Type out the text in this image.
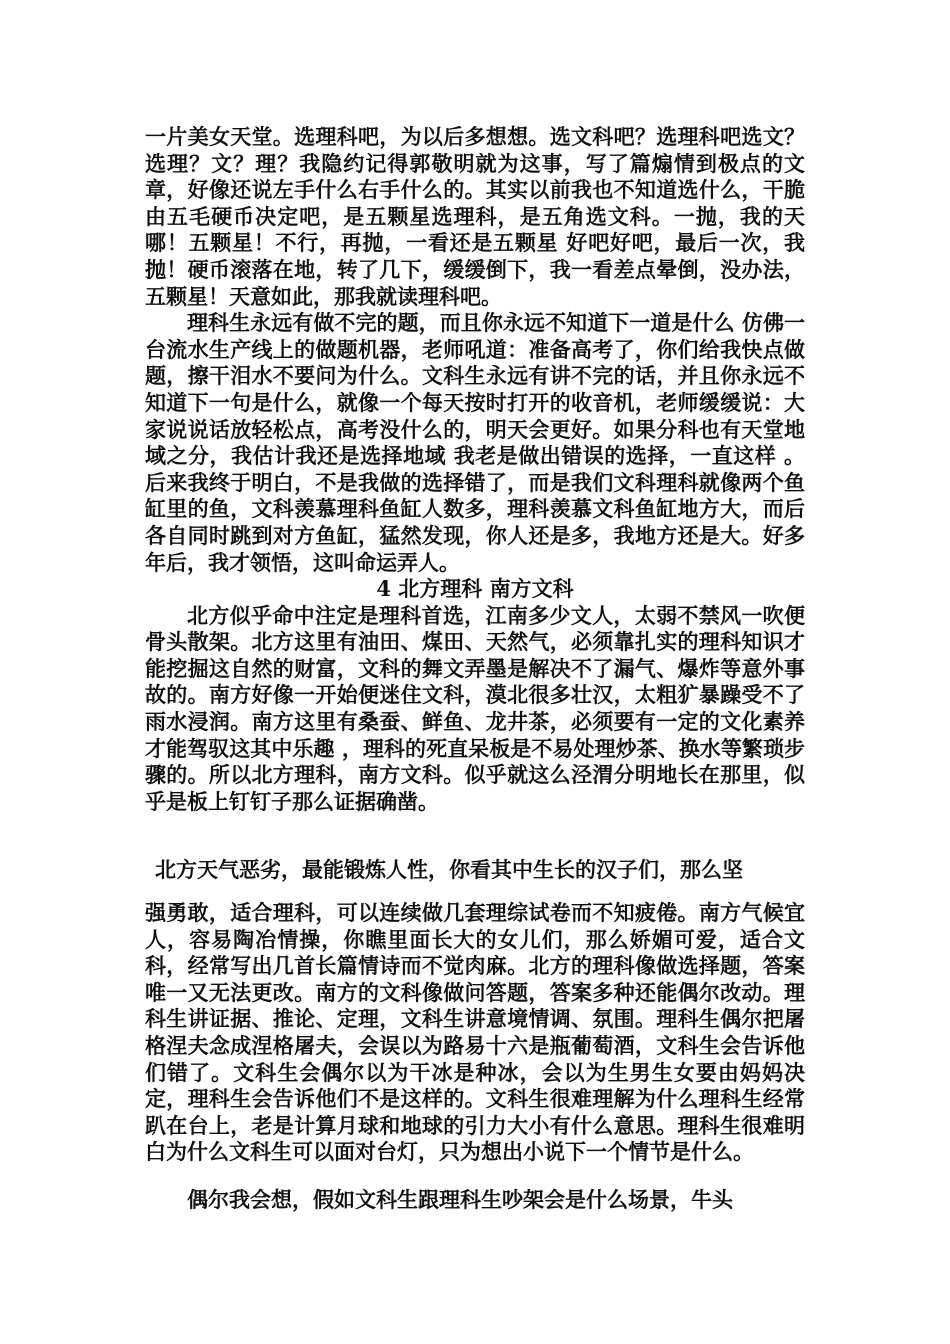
一片美女天堂。选理科吧，为以后多想想。选文科吧？选理科吧选文？选理？文？理？我隐约记得郭敬明就为这事，写了篇煽情到极点的文章，好像还说左手什么右手什么的。其实以前我也不知道选什么，干脆由五毛硬币决定吧，是五颗星选理科，是五角选文科。一抛，我的天哪！五颗星！不行，再抛，一看还是五颗星 好吧好吧，最后一次，我抛！硬币滚落在地，转了几下，缓缓倒下，我一看差点晕倒，没办法，五颗星！天意如此，那我就读理科吧。

理科生永远有做不完的题，而且你永远不知道下一道是什么 仿佛一台流水生产线上的做题机器，老师吼道：准备高考了，你们给我快点做题，擦干泪水不要问为什么。文科生永远有讲不完的话，并且你永远不知道下一句是什么，就像一个每天按时打开的收音机，老师缓缓说：大家说说话放轻松点，高考没什么的，明天会更好。如果分科也有天堂地域之分，我估计我还是选择地域 我老是做出错误的选择，一直这样 。后来我终于明白，不是我做的选择错了，而是我们文科理科就像两个鱼缸里的鱼，文科羡慕理科鱼缸人数多，理科羡慕文科鱼缸地方大，而后各自同时跳到对方鱼缸，猛然发现，你人还是多，我地方还是大。好多年后，我才领悟，这叫命运弄人。

4 北方理科 南方文科

北方似乎命中注定是理科首选，江南多少文人，太弱不禁风一吹便骨头散架。北方这里有油田、煤田、天然气，必须靠扎实的理科知识才能挖掘这自然的财富，文科的舞文弄墨是解决不了漏气、爆炸等意外事故的。南方好像一开始便迷住文科，漠北很多壮汉，太粗犷暴躁受不了雨水浸润。南方这里有桑蚕、鲜鱼、龙井茶，必须要有一定的文化素养才能驾驭这其中乐趣 ，理科的死直呆板是不易处理炒茶、换水等繁琐步骤的。所以北方理科，南方文科。似乎就这么泾渭分明地长在那里，似乎是板上钉钉子那么证据确凿。

北方天气恶劣，最能锻炼人性，你看其中生长的汉子们，那么坚

强勇敢，适合理科，可以连续做几套理综试卷而不知疲倦。南方气候宜人，容易陶冶情操，你瞧里面长大的女儿们，那么娇媚可爱，适合文科，经常写出几首长篇情诗而不觉肉麻。北方的理科像做选择题，答案唯一又无法更改。南方的文科像做问答题，答案多种还能偶尔改动。理科生讲证据、推论、定理，文科生讲意境情调、氛围。理科生偶尔把屠格涅夫念成涅格屠夫，会误以为路易十六是瓶葡萄酒，文科生会告诉他们错了。文科生会偶尔以为干冰是种冰，会以为生男生女要由妈妈决定，理科生会告诉他们不是这样的。文科生很难理解为什么理科生经常趴在台上，老是计算月球和地球的引力大小有什么意思。理科生很难明白为什么文科生可以面对台灯，只为想出小说下一个情节是什么。

偶尔我会想，假如文科生跟理科生吵架会是什么场景，牛头
